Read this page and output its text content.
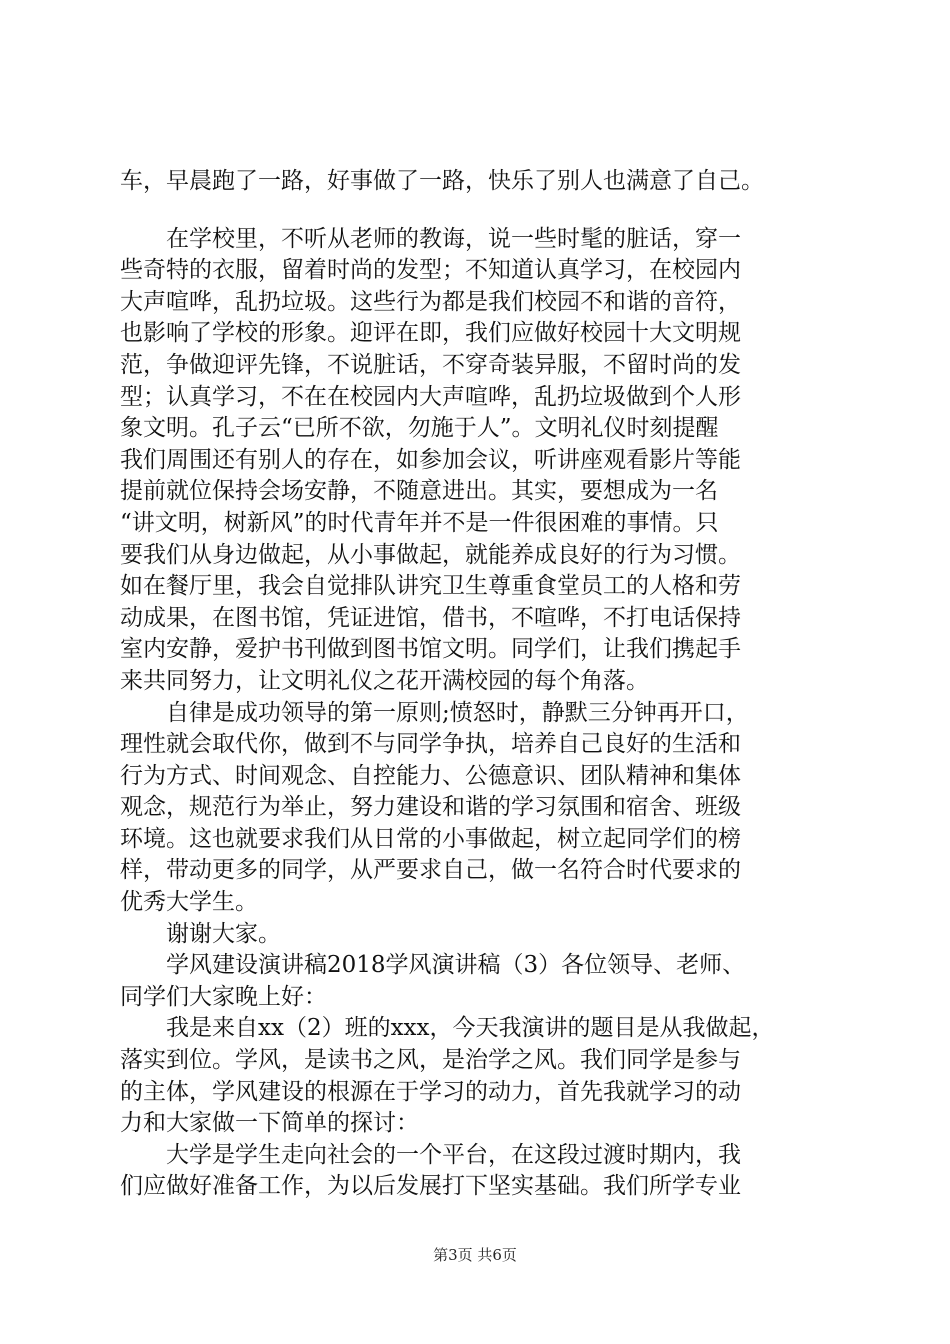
车，早晨跑了一路，好事做了一路，快乐了别人也满意了自己。

　　在学校里，不听从老师的教诲，说一些时髦的脏话，穿一
些奇特的衣服，留着时尚的发型；不知道认真学习，在校园内
大声喧哗，乱扔垃圾。这些行为都是我们校园不和谐的音符，
也影响了学校的形象。迎评在即，我们应做好校园十大文明规
范，争做迎评先锋，不说脏话，不穿奇装异服，不留时尚的发
型；认真学习，不在在校园内大声喧哗，乱扔垃圾做到个人形
象文明。孔子云“已所不欲，勿施于人”。文明礼仪时刻提醒
我们周围还有别人的存在，如参加会议，听讲座观看影片等能
提前就位保持会场安静，不随意进出。其实，要想成为一名
“讲文明，树新风”的时代青年并不是一件很困难的事情。只
要我们从身边做起，从小事做起，就能养成良好的行为习惯。
如在餐厅里，我会自觉排队讲究卫生尊重食堂员工的人格和劳
动成果，在图书馆，凭证进馆，借书，不喧哗，不打电话保持
室内安静，爱护书刊做到图书馆文明。同学们，让我们携起手
来共同努力，让文明礼仪之花开满校园的每个角落。

　　自律是成功领导的第一原则;愤怒时，静默三分钟再开口，
理性就会取代你，做到不与同学争执，培养自己良好的生活和
行为方式、时间观念、自控能力、公德意识、团队精神和集体
观念，规范行为举止，努力建设和谐的学习氛围和宿舍、班级
环境。这也就要求我们从日常的小事做起，树立起同学们的榜
样，带动更多的同学，从严要求自己，做一名符合时代要求的
优秀大学生。

　　谢谢大家。

　　学风建设演讲稿2018学风演讲稿（3）各位领导、老师、
同学们大家晚上好：

　　我是来自xx（2）班的xxx，今天我演讲的题目是从我做起，
落实到位。学风，是读书之风，是治学之风。我们同学是参与
的主体，学风建设的根源在于学习的动力，首先我就学习的动
力和大家做一下简单的探讨：

　　大学是学生走向社会的一个平台，在这段过渡时期内，我
们应做好准备工作，为以后发展打下坚实基础。我们所学专业

第3页 共6页
